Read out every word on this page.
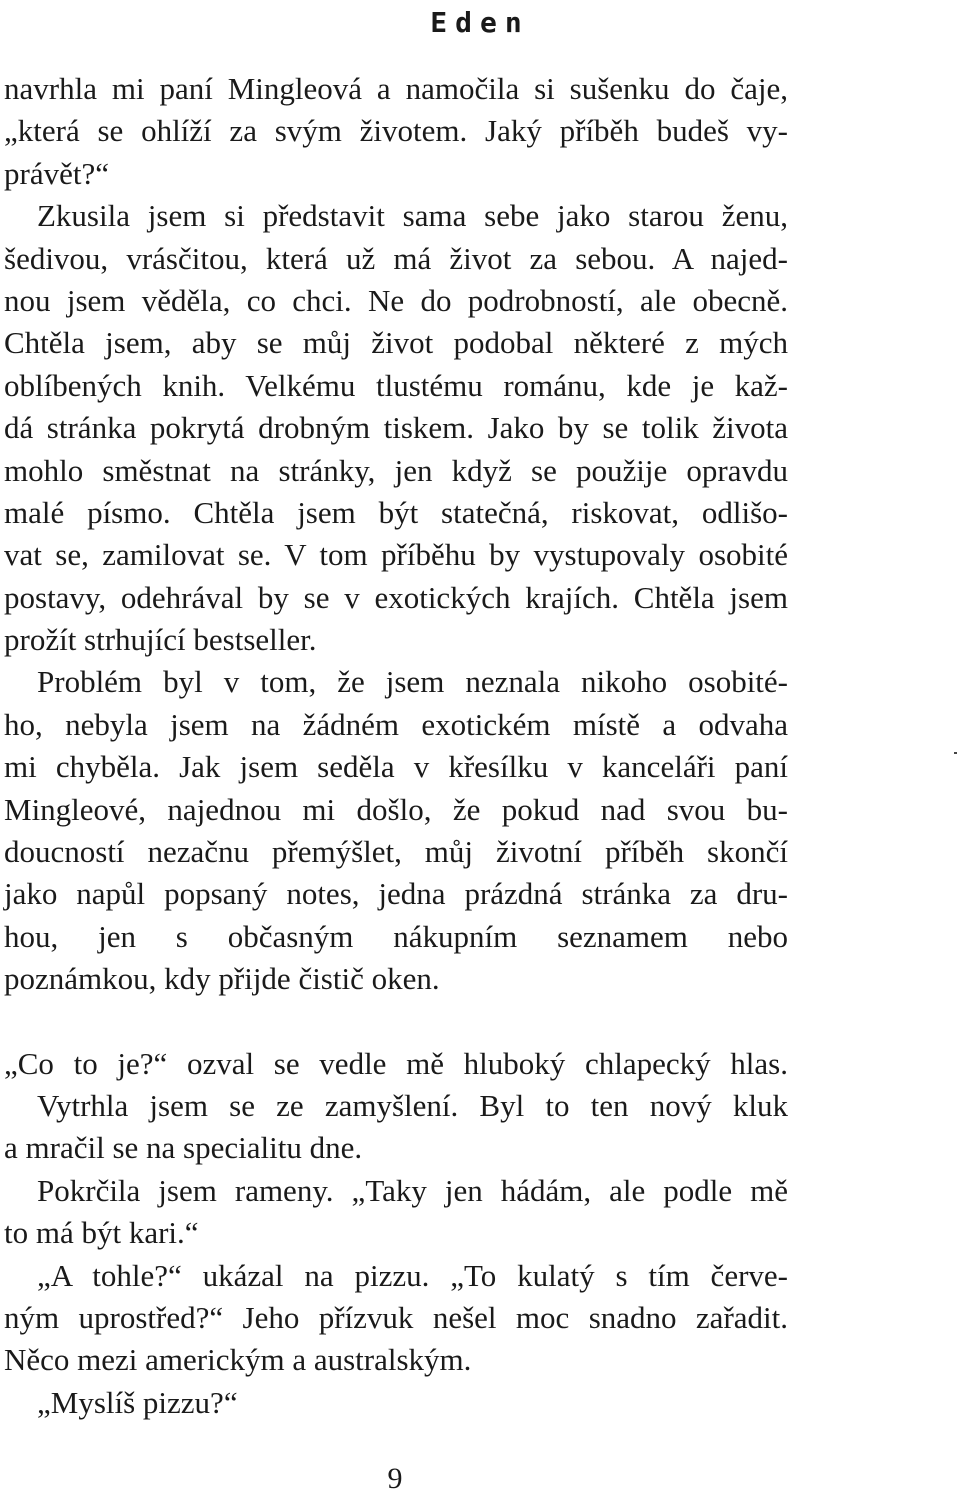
Eden
navrhla mi paní Mingleová a namočila si sušenku do čaje,
„která se ohlíží za svým životem. Jaký příběh budeš vy-
právět?“
Zkusila jsem si představit sama sebe jako starou ženu,
šedivou, vrásčitou, která už má život za sebou. A najed-
nou jsem věděla, co chci. Ne do podrobností, ale obecně.
Chtěla jsem, aby se můj život podobal některé z mých
oblíbených knih. Velkému tlustému románu, kde je kaž-
dá stránka pokrytá drobným tiskem. Jako by se tolik života
mohlo směstnat na stránky, jen když se použije opravdu
malé písmo. Chtěla jsem být statečná, riskovat, odlišo-
vat se, zamilovat se. V tom příběhu by vystupovaly osobité
postavy, odehrával by se v exotických krajích. Chtěla jsem
prožít strhující bestseller.
Problém byl v tom, že jsem neznala nikoho osobité-
ho, nebyla jsem na žádném exotickém místě a odvaha
mi chyběla. Jak jsem seděla v křesílku v kanceláři paní
Mingleové, najednou mi došlo, že pokud nad svou bu-
doucností nezačnu přemýšlet, můj životní příběh skončí
jako napůl popsaný notes, jedna prázdná stránka za dru-
hou, jen s občasným nákupním seznamem nebo
poznámkou, kdy přijde čistič oken.
„Co to je?“ ozval se vedle mě hluboký chlapecký hlas.
Vytrhla jsem se ze zamyšlení. Byl to ten nový kluk
a mračil se na specialitu dne.
Pokrčila jsem rameny. „Taky jen hádám, ale podle mě
to má být kari.“
„A tohle?“ ukázal na pizzu. „To kulatý s tím červe-
ným uprostřed?“ Jeho přízvuk nešel moc snadno zařadit.
Něco mezi americkým a australským.
„Myslíš pizzu?“
9
